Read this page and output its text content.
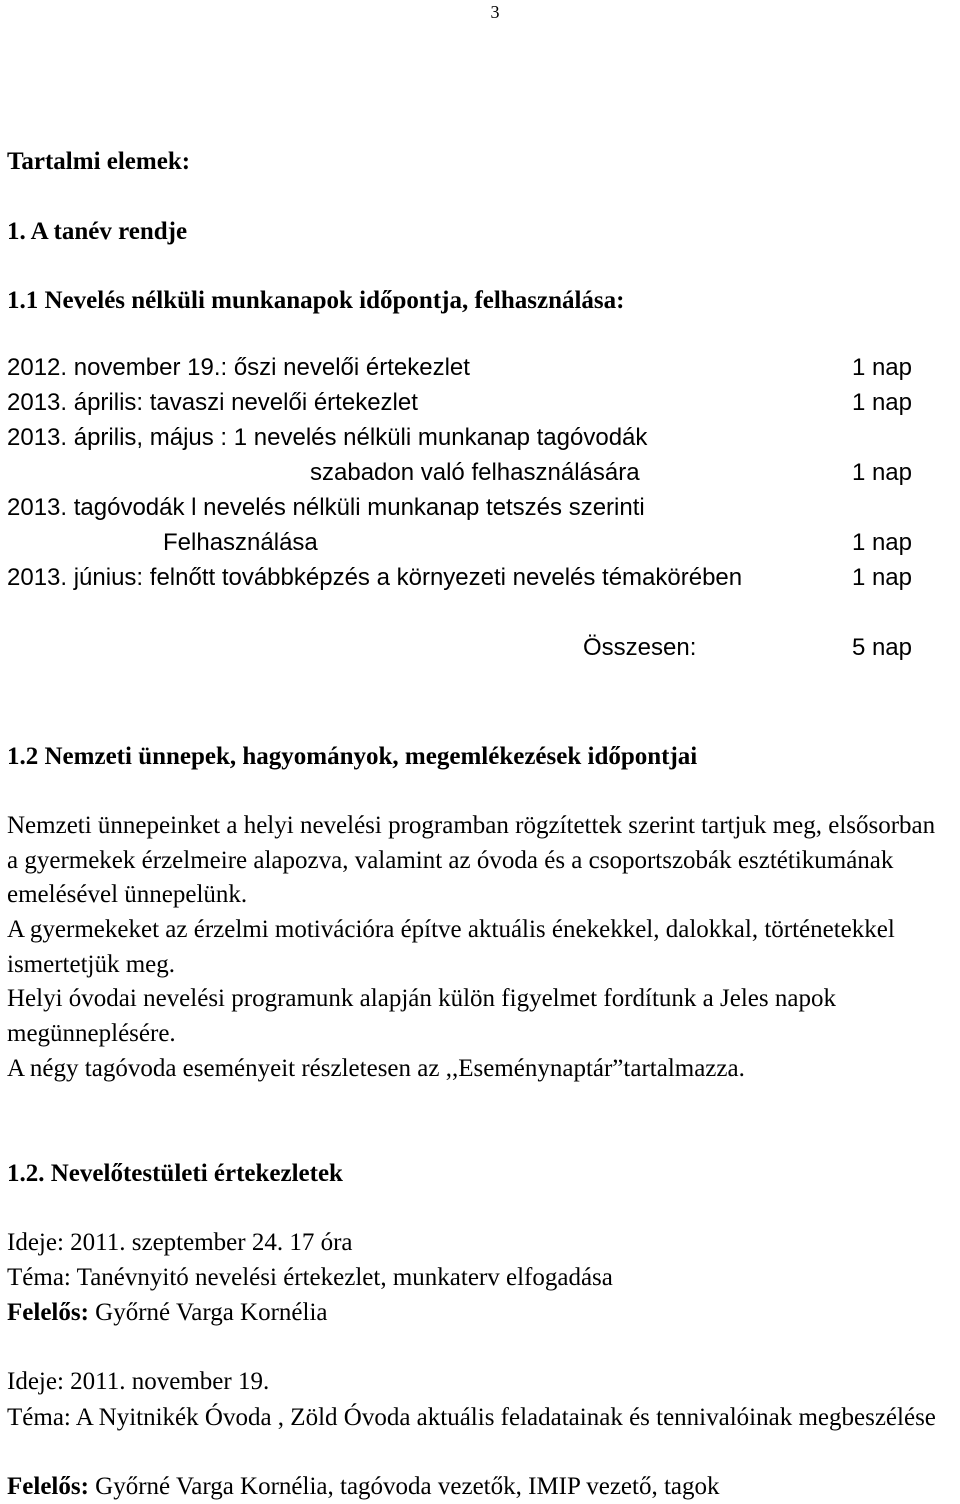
3
Tartalmi elemek:
1. A tanév rendje
1.1 Nevelés nélküli munkanapok időpontja, felhasználása:
2012. november 19.: őszi nevelői értekezlet	1 nap
2013. április: tavaszi nevelői értekezlet	1 nap
2013. április, május : 1 nevelés nélküli munkanap tagóvodák
szabadon való felhasználására	1 nap
2013. tagóvodák l nevelés nélküli munkanap tetszés szerinti
Felhasználása	1 nap
2013. június: felnőtt továbbképzés a környezeti nevelés témakörében	1 nap
Összesen:	5 nap
1.2 Nemzeti ünnepek, hagyományok, megemlékezések időpontjai
Nemzeti ünnepeinket a helyi nevelési programban rögzítettek szerint tartjuk meg, elsősorban a gyermekek érzelmeire alapozva, valamint az óvoda és a csoportszobák esztétikumának emelésével ünnepelünk.
A gyermekeket az érzelmi motivációra építve aktuális énekekkel, dalokkal, történetekkel ismertetjük meg.
Helyi óvodai nevelési programunk alapján külön figyelmet fordítunk a Jeles napok megünneplésére.
A négy tagóvoda eseményeit részletesen az ,,Eseménynaptár”tartalmazza.
1.2. Nevelőtestületi értekezletek
Ideje: 2011. szeptember 24. 17 óra
Téma: Tanévnyitó nevelési értekezlet, munkaterv elfogadása
Felelős: Győrné Varga Kornélia
Ideje: 2011. november 19.
Téma: A Nyitnikék Óvoda , Zöld Óvoda aktuális feladatainak és tennivalóinak megbeszélése
Felelős: Győrné Varga Kornélia, tagóvoda vezetők, IMIP vezető, tagok
